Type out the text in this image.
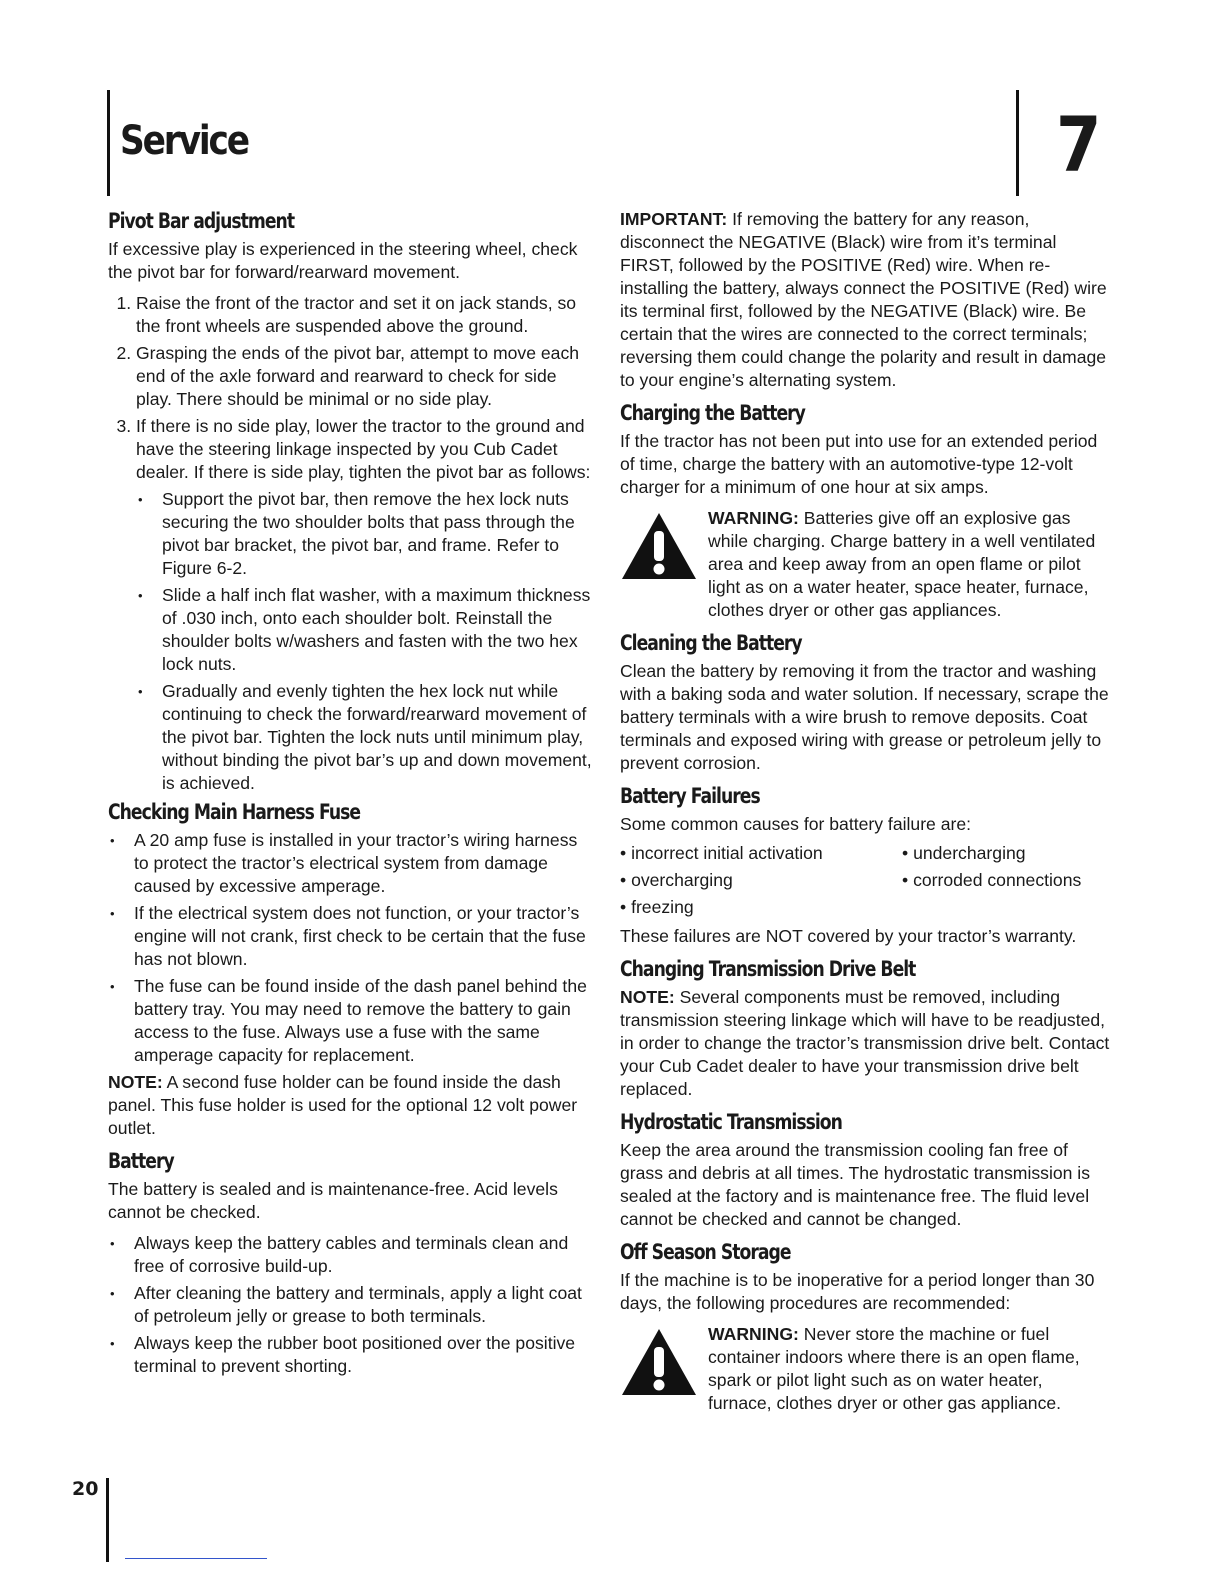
Service	7
Pivot Bar adjustment

If excessive play is experienced in the steering wheel, check the pivot bar for forward/rearward movement.

1. Raise the front of the tractor and set it on jack stands, so the front wheels are suspended above the ground.
2. Grasping the ends of the pivot bar, attempt to move each end of the axle forward and rearward to check for side play. There should be minimal or no side play.
3. If there is no side play, lower the tractor to the ground and have the steering linkage inspected by you Cub Cadet dealer. If there is side play, tighten the pivot bar as follows:
• Support the pivot bar, then remove the hex lock nuts securing the two shoulder bolts that pass through the pivot bar bracket, the pivot bar, and frame. Refer to Figure 6-2.
• Slide a half inch flat washer, with a maximum thickness of .030 inch, onto each shoulder bolt. Reinstall the shoulder bolts w/washers and fasten with the two hex lock nuts.
• Gradually and evenly tighten the hex lock nut while continuing to check the forward/rearward movement of the pivot bar. Tighten the lock nuts until minimum play, without binding the pivot bar’s up and down movement, is achieved.
Checking Main Harness Fuse
• A 20 amp fuse is installed in your tractor’s wiring harness to protect the tractor’s electrical system from damage caused by excessive amperage.
• If the electrical system does not function, or your tractor’s engine will not crank, first check to be certain that the fuse has not blown.
• The fuse can be found inside of the dash panel behind the battery tray. You may need to remove the battery to gain access to the fuse. Always use a fuse with the same amperage capacity for replacement.

NOTE: A second fuse holder can be found inside the dash panel. This fuse holder is used for the optional 12 volt power outlet.

Battery

The battery is sealed and is maintenance-free. Acid levels cannot be checked.

• Always keep the battery cables and terminals clean and free of corrosive build-up.
• After cleaning the battery and terminals, apply a light coat of petroleum jelly or grease to both terminals.
• Always keep the rubber boot positioned over the positive terminal to prevent shorting.

IMPORTANT: If removing the battery for any reason, disconnect the NEGATIVE (Black) wire from it’s terminal FIRST, followed by the POSITIVE (Red) wire. When re-installing the battery, always connect the POSITIVE (Red) wire its terminal first, followed by the NEGATIVE (Black) wire. Be certain that the wires are connected to the correct terminals; reversing them could change the polarity and result in damage to your engine’s alternating system.

Charging the Battery

If the tractor has not been put into use for an extended period of time, charge the battery with an automotive-type 12-volt charger for a minimum of one hour at six amps.

WARNING: Batteries give off an explosive gas while charging. Charge battery in a well ventilated area and keep away from an open flame or pilot light as on a water heater, space heater, furnace, clothes dryer or other gas appliances.
Cleaning the Battery

Clean the battery by removing it from the tractor and washing with a baking soda and water solution. If necessary, scrape the battery terminals with a wire brush to remove deposits. Coat terminals and exposed wiring with grease or petroleum jelly to prevent corrosion.

Battery Failures

Some common causes for battery failure are:

• incorrect initial activation	• undercharging
• overcharging	• corroded connections
• freezing

These failures are NOT covered by your tractor’s warranty.

Changing Transmission Drive Belt

NOTE: Several components must be removed, including transmission steering linkage which will have to be readjusted, in order to change the tractor’s transmission drive belt. Contact your Cub Cadet dealer to have your transmission drive belt replaced.

Hydrostatic Transmission

Keep the area around the transmission cooling fan free of grass and debris at all times. The hydrostatic transmission is sealed at the factory and is maintenance free. The fluid level cannot be checked and cannot be changed.

Off Season Storage

If the machine is to be inoperative for a period longer than 30 days, the following procedures are recommended:

WARNING: Never store the machine or fuel container indoors where there is an open flame, spark or pilot light such as on water heater, furnace, clothes dryer or other gas appliance.
20
